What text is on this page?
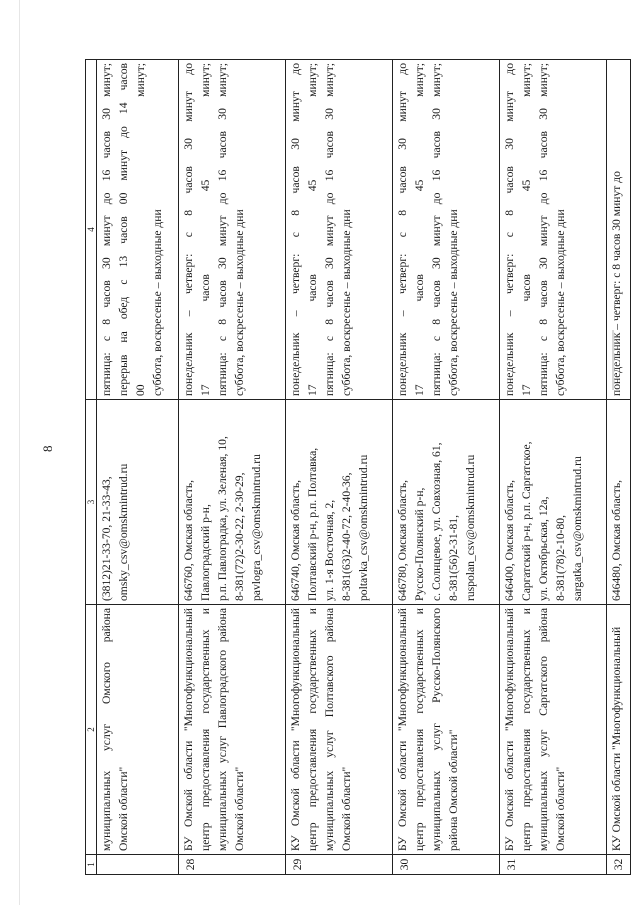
8
1	2	3	4

	муниципальных услуг Омского района Омской области"	(3812)21-33-70, 21-33-43, omsky_csv@omskmintrud.ru	пятница: с 8 часов 30 минут до 16 часов 30 минут; перерыв на обед с 13 часов 00 минут до 14 часов 00 минут; суббота, воскресенье – выходные дни

28	БУ Омской области "Многофункциональный центр предоставления государственных и муниципальных услуг Павлоградского района Омской области"	646760, Омская область, Павлоградский р-н, р.п. Павлоградка, ул. Зеленая, 10, 8-381(72)2-30-22, 2-30-29, pavlogra_csv@omskmintrud.ru	понедельник – четверг: с 8 часов 30 минут до 17 часов 45 минут; пятница: с 8 часов 30 минут до 16 часов 30 минут; суббота, воскресенье – выходные дни

29	КУ Омской области "Многофункциональный центр предоставления государственных и муниципальных услуг Полтавского района Омской области"	646740, Омская область, Полтавский р-н, р.п. Полтавка, ул. 1-я Восточная, 2, 8-381(63)2-40-72, 2-40-36, poltavka_csv@omskmintrud.ru	понедельник – четверг: с 8 часов 30 минут до 17 часов 45 минут; пятница: с 8 часов 30 минут до 16 часов 30 минут; суббота, воскресенье – выходные дни

30	БУ Омской области "Многофункциональный центр предоставления государственных и муниципальных услуг Русско-Полянского района Омской области"	646780, Омская область, Русско-Полянский р-н, с. Солнцевое, ул. Совхозная, 61, 8-381(56)2-31-81, ruspolan_csv@omskmintrud.ru	понедельник – четверг: с 8 часов 30 минут до 17 часов 45 минут; пятница: с 8 часов 30 минут до 16 часов 30 минут; суббота, воскресенье – выходные дни

31	БУ Омской области "Многофункциональный центр предоставления государственных и муниципальных услуг Саргатского района Омской области"	646400, Омская область, Саргатский р-н, р.п. Саргатское, ул. Октябрьская, 12а, 8-381(78)2-10-80, sargatka_csv@omskmintrud.ru	понедельник – четверг: с 8 часов 30 минут до 17 часов 45 минут; пятница: с 8 часов 30 минут до 16 часов 30 минут; суббота, воскресенье – выходные дни

32	КУ Омской области "Многофункциональный	646480, Омская область,	понедельник – четверг: с 8 часов 30 минут до
